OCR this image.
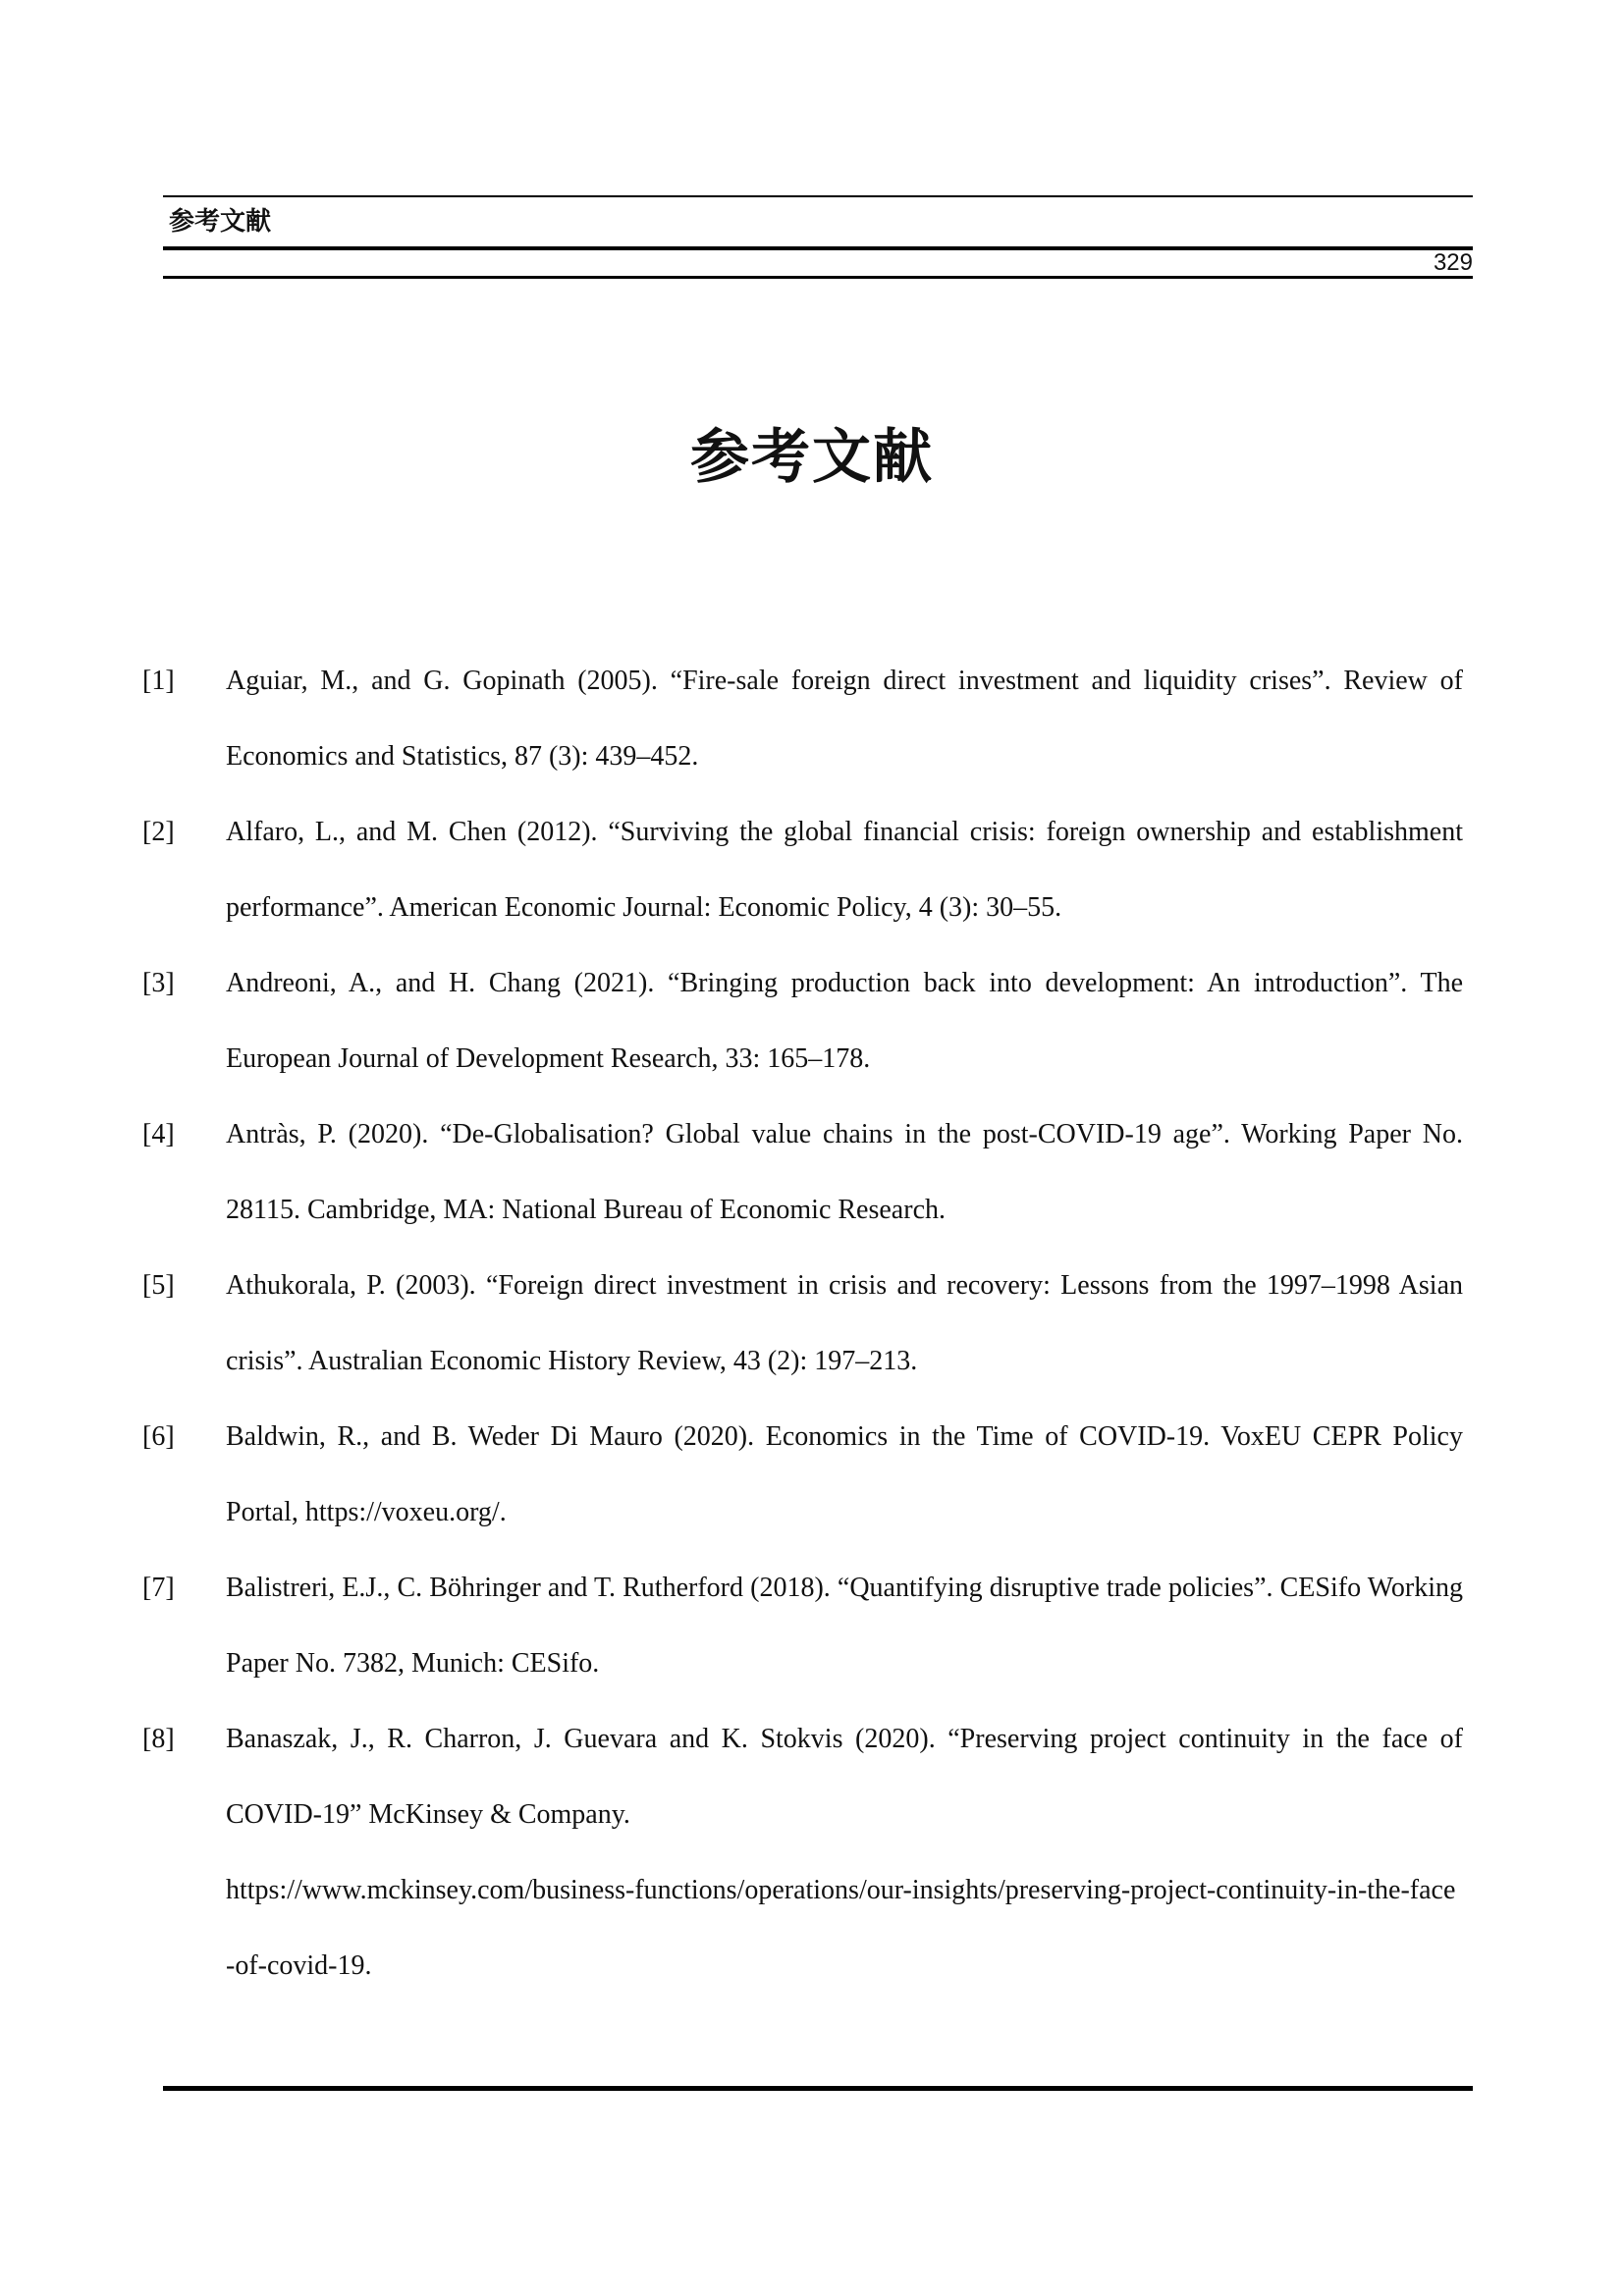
参考文献
329
参考文献
[1] Aguiar, M., and G. Gopinath (2005). “Fire-sale foreign direct investment and liquidity crises”. Review of Economics and Statistics, 87 (3): 439–452.
[2] Alfaro, L., and M. Chen (2012). “Surviving the global financial crisis: foreign ownership and establishment performance”. American Economic Journal: Economic Policy, 4 (3): 30–55.
[3] Andreoni, A., and H. Chang (2021). “Bringing production back into development: An introduction”. The European Journal of Development Research, 33: 165–178.
[4] Antràs, P. (2020). “De-Globalisation? Global value chains in the post-COVID-19 age”. Working Paper No. 28115. Cambridge, MA: National Bureau of Economic Research.
[5] Athukorala, P. (2003). “Foreign direct investment in crisis and recovery: Lessons from the 1997–1998 Asian crisis”. Australian Economic History Review, 43 (2): 197–213.
[6] Baldwin, R., and B. Weder Di Mauro (2020). Economics in the Time of COVID-19. VoxEU CEPR Policy Portal, https://voxeu.org/.
[7] Balistreri, E.J., C. Böhringer and T. Rutherford (2018). “Quantifying disruptive trade policies”. CESifo Working Paper No. 7382, Munich: CESifo.
[8] Banaszak, J., R. Charron, J. Guevara and K. Stokvis (2020). “Preserving project continuity in the face of COVID-19” McKinsey & Company.
https://www.mckinsey.com/business-functions/operations/our-insights/preserving-project-continuity-in-the-face-of-covid-19.
